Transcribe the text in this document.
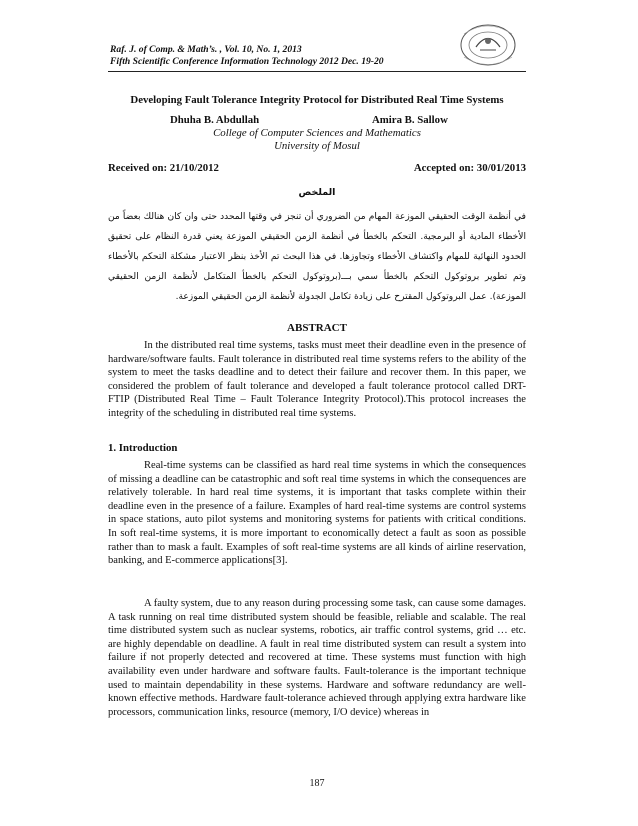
Raf. J. of Comp. & Math’s. , Vol. 10, No. 1, 2013
Fifth Scientific Conference Information Technology 2012 Dec. 19-20
Developing Fault Tolerance Integrity Protocol for Distributed Real Time Systems
Dhuha B. Abdullah	Amira B. Sallow
College of Computer Sciences and Mathematics
University of Mosul
Received on: 21/10/2012	Accepted on: 30/01/2013
الملخص

في أنظمة الوقت الحقيقي الموزعة المهام من الضروري أن تنجز في وقتها المحدد حتى وان كان هنالك بعضاً من الأخطاء المادية أو البرمجية. التحكم بالخطأ في أنظمة الزمن الحقيقي الموزعة يعني قدرة النظام على تحقيق الحدود النهائية للمهام واكتشاف الأخطاء وتجاوزها. في هذا البحث تم الأخذ بنظر الاعتبار مشكلة التحكم بالأخطاء وتم تطوير بروتوكول التحكم بالخطأ سمي بـــ(بروتوكول التحكم بالخطأ المتكامل لأنظمة الزمن الحقيقي الموزعة). عمل البروتوكول المقترح على زيادة تكامل الجدولة لأنظمة الزمن الحقيقي الموزعة.

ABSTRACT

In the distributed real time systems, tasks must meet their deadline even in the presence of hardware/software faults. Fault tolerance in distributed real time systems refers to the ability of the system to meet the tasks deadline and to detect their failure and recover them. In this paper, we considered the problem of fault tolerance and developed a fault tolerance protocol called DRT-FTIP (Distributed Real Time – Fault Tolerance Integrity Protocol).This protocol increases the integrity of the scheduling in distributed real time systems.

1. Introduction

Real-time systems can be classified as hard real time systems in which the consequences of missing a deadline can be catastrophic and soft real time systems in which the consequences are relatively tolerable. In hard real time systems, it is important that tasks complete within their deadline even in the presence of a failure. Examples of hard real-time systems are control systems in space stations, auto pilot systems and monitoring systems for patients with critical conditions. In soft real-time systems, it is more important to economically detect a fault as soon as possible rather than to mask a fault. Examples of soft real-time systems are all kinds of airline reservation, banking, and E-commerce applications[3].

A faulty system, due to any reason during processing some task, can cause some damages. A task running on real time distributed system should be feasible, reliable and scalable. The real time distributed system such as nuclear systems, robotics, air traffic control systems, grid … etc. are highly dependable on deadline. A fault in real time distributed system can result a system into failure if not properly detected and recovered at time. These systems must function with high availability even under hardware and software faults. Fault-tolerance is the important technique used to maintain dependability in these systems. Hardware and software redundancy are well-known effective methods. Hardware fault-tolerance achieved through applying extra hardware like processors, communication links, resource (memory, I/O device) whereas in

187
